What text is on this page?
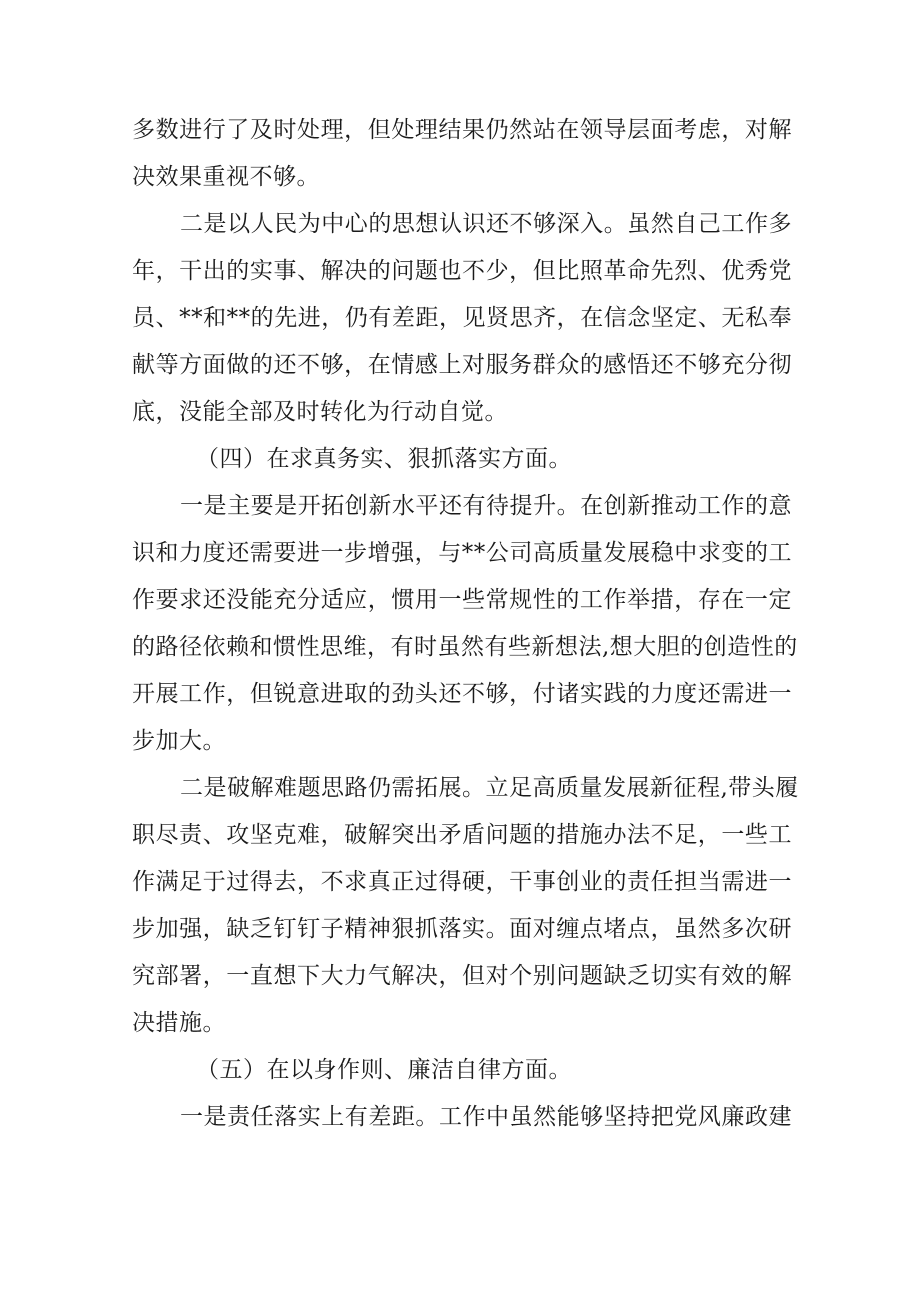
多数进行了及时处理，但处理结果仍然站在领导层面考虑，对解
决效果重视不够。
二是以人民为中心的思想认识还不够深入。虽然自己工作多
年，干出的实事、解决的问题也不少，但比照革命先烈、优秀党
员、**和**的先进，仍有差距，见贤思齐，在信念坚定、无私奉
献等方面做的还不够，在情感上对服务群众的感悟还不够充分彻
底，没能全部及时转化为行动自觉。
（四）在求真务实、狠抓落实方面。
一是主要是开拓创新水平还有待提升。在创新推动工作的意
识和力度还需要进一步增强，与**公司高质量发展稳中求变的工
作要求还没能充分适应，惯用一些常规性的工作举措，存在一定
的路径依赖和惯性思维，有时虽然有些新想法,想大胆的创造性的
开展工作，但锐意进取的劲头还不够，付诸实践的力度还需进一
步加大。
二是破解难题思路仍需拓展。立足高质量发展新征程,带头履
职尽责、攻坚克难，破解突出矛盾问题的措施办法不足，一些工
作满足于过得去，不求真正过得硬，干事创业的责任担当需进一
步加强，缺乏钉钉子精神狠抓落实。面对缠点堵点，虽然多次研
究部署，一直想下大力气解决，但对个别问题缺乏切实有效的解
决措施。
（五）在以身作则、廉洁自律方面。
一是责任落实上有差距。工作中虽然能够坚持把党风廉政建
